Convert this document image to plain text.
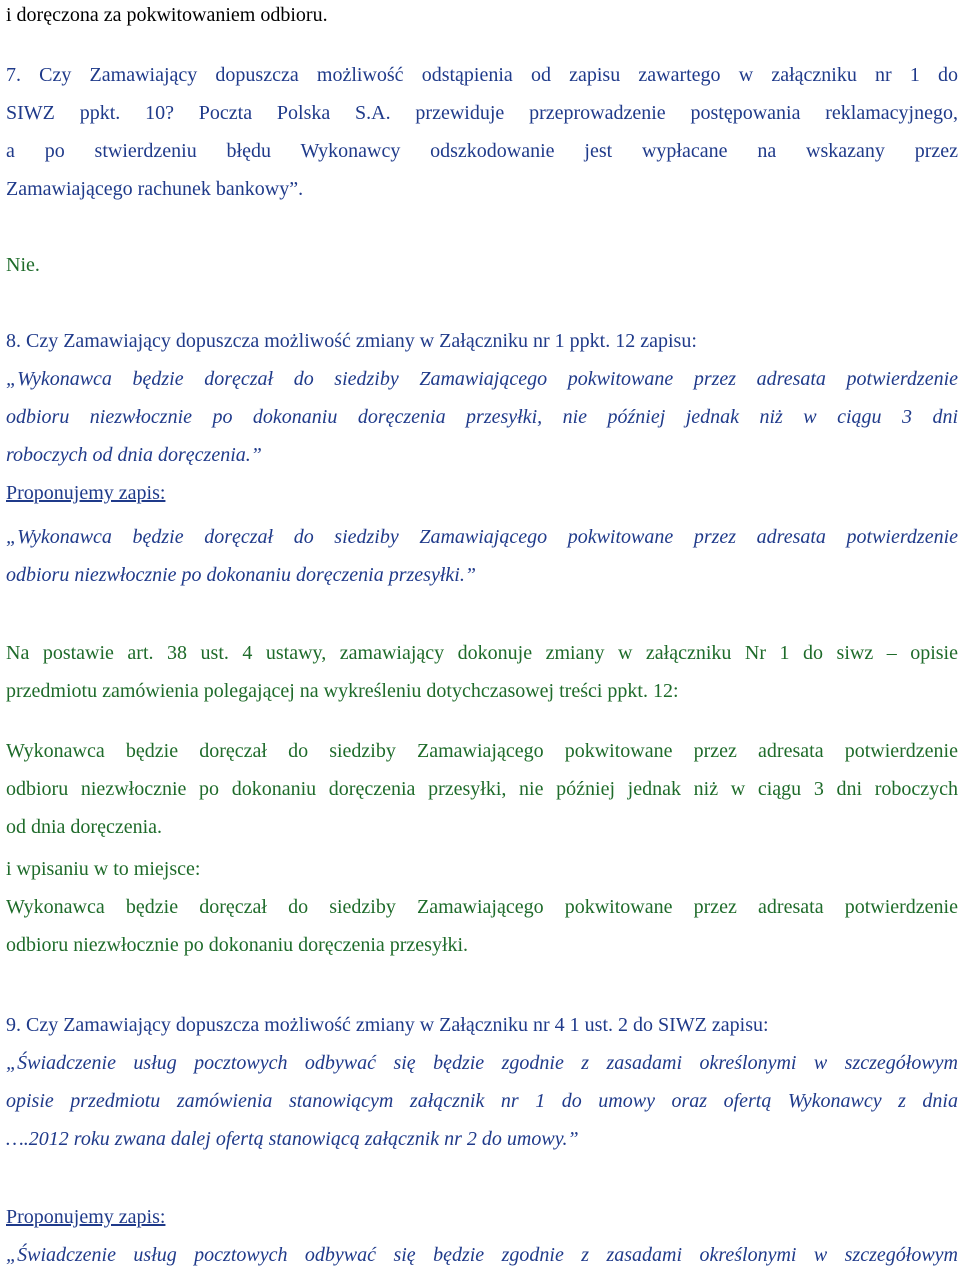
i doręczona za pokwitowaniem odbioru.
7. Czy Zamawiający dopuszcza możliwość odstąpienia od zapisu zawartego w załączniku nr 1 do
SIWZ ppkt. 10? Poczta Polska S.A. przewiduje przeprowadzenie postępowania reklamacyjnego,
a po stwierdzeniu błędu Wykonawcy odszkodowanie jest wypłacane na wskazany przez
Zamawiającego rachunek bankowy”.
Nie.
8. Czy Zamawiający dopuszcza możliwość zmiany w Załączniku nr 1 ppkt. 12 zapisu:
„Wykonawca będzie doręczał do siedziby Zamawiającego pokwitowane przez adresata potwierdzenie
odbioru niezwłocznie po dokonaniu doręczenia przesyłki, nie później jednak niż w ciągu 3 dni
roboczych od dnia doręczenia.”
Proponujemy zapis:
„Wykonawca będzie doręczał do siedziby Zamawiającego pokwitowane przez adresata potwierdzenie
odbioru niezwłocznie po dokonaniu doręczenia przesyłki.”
Na postawie art. 38 ust. 4 ustawy, zamawiający dokonuje zmiany w załączniku Nr 1 do siwz – opisie
przedmiotu zamówienia polegającej na wykreśleniu dotychczasowej treści ppkt. 12:
Wykonawca będzie doręczał do siedziby Zamawiającego pokwitowane przez adresata potwierdzenie
odbioru niezwłocznie po dokonaniu doręczenia przesyłki, nie później jednak niż w ciągu 3 dni roboczych
od dnia doręczenia.
i wpisaniu w to miejsce:
Wykonawca będzie doręczał do siedziby Zamawiającego pokwitowane przez adresata potwierdzenie
odbioru niezwłocznie po dokonaniu doręczenia przesyłki.
9. Czy Zamawiający dopuszcza możliwość zmiany w Załączniku nr 4 1 ust. 2 do SIWZ zapisu:
„Świadczenie usług pocztowych odbywać się będzie zgodnie z zasadami określonymi w szczegółowym
opisie przedmiotu zamówienia stanowiącym załącznik nr 1 do umowy oraz ofertą Wykonawcy z dnia
….2012 roku zwana dalej ofertą stanowiącą załącznik nr 2 do umowy.”
Proponujemy zapis:
„Świadczenie usług pocztowych odbywać się będzie zgodnie z zasadami określonymi w szczegółowym
